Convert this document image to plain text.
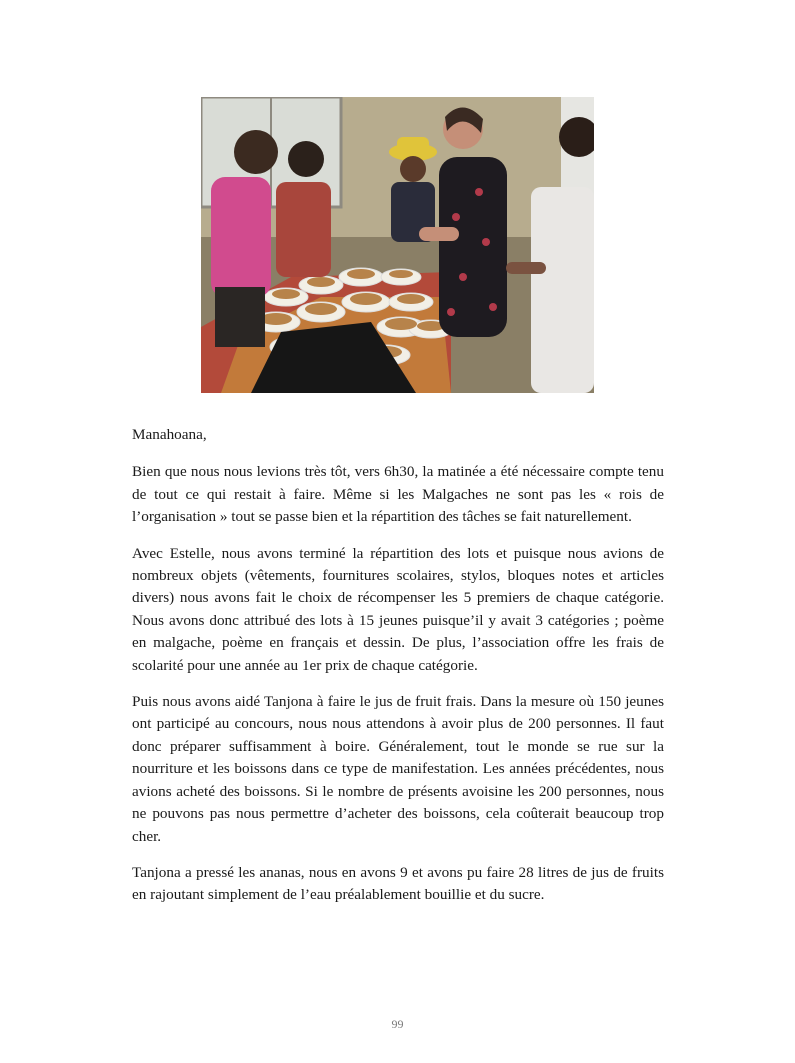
Manahoana,

Bien que nous nous levions très tôt, vers 6h30, la matinée a été nécessaire compte tenu de tout ce qui restait à faire. Même si les Malgaches ne sont pas les « rois de l’organisation » tout se passe bien et la répartition des tâches se fait naturellement.

Avec Estelle, nous avons terminé la répartition des lots et puisque nous avions de nombreux objets (vêtements, fournitures scolaires, stylos, bloques notes et articles divers) nous avons fait le choix de récompenser les 5 premiers de chaque catégorie. Nous avons donc attribué des lots à 15 jeunes puisque’il y avait 3 catégories ; poème en malgache, poème en français et dessin. De plus, l’association offre les frais de scolarité pour une année au 1er prix de chaque catégorie.

Puis nous avons aidé Tanjona à faire le jus de fruit frais. Dans la mesure où 150 jeunes ont participé au concours, nous nous attendons à avoir plus de 200 personnes. Il faut donc préparer suffisamment à boire. Généralement, tout le monde se rue sur la nourriture et les boissons dans ce type de manifestation. Les années précédentes, nous avions acheté des boissons. Si le nombre de présents avoisine les 200 personnes, nous ne pouvons pas nous permettre d’acheter des boissons, cela coûterait beaucoup trop cher.

Tanjona a pressé les ananas, nous en avons 9 et avons pu faire 28 litres de jus de fruits en rajoutant simplement de l’eau préalablement bouillie et du sucre.

99
